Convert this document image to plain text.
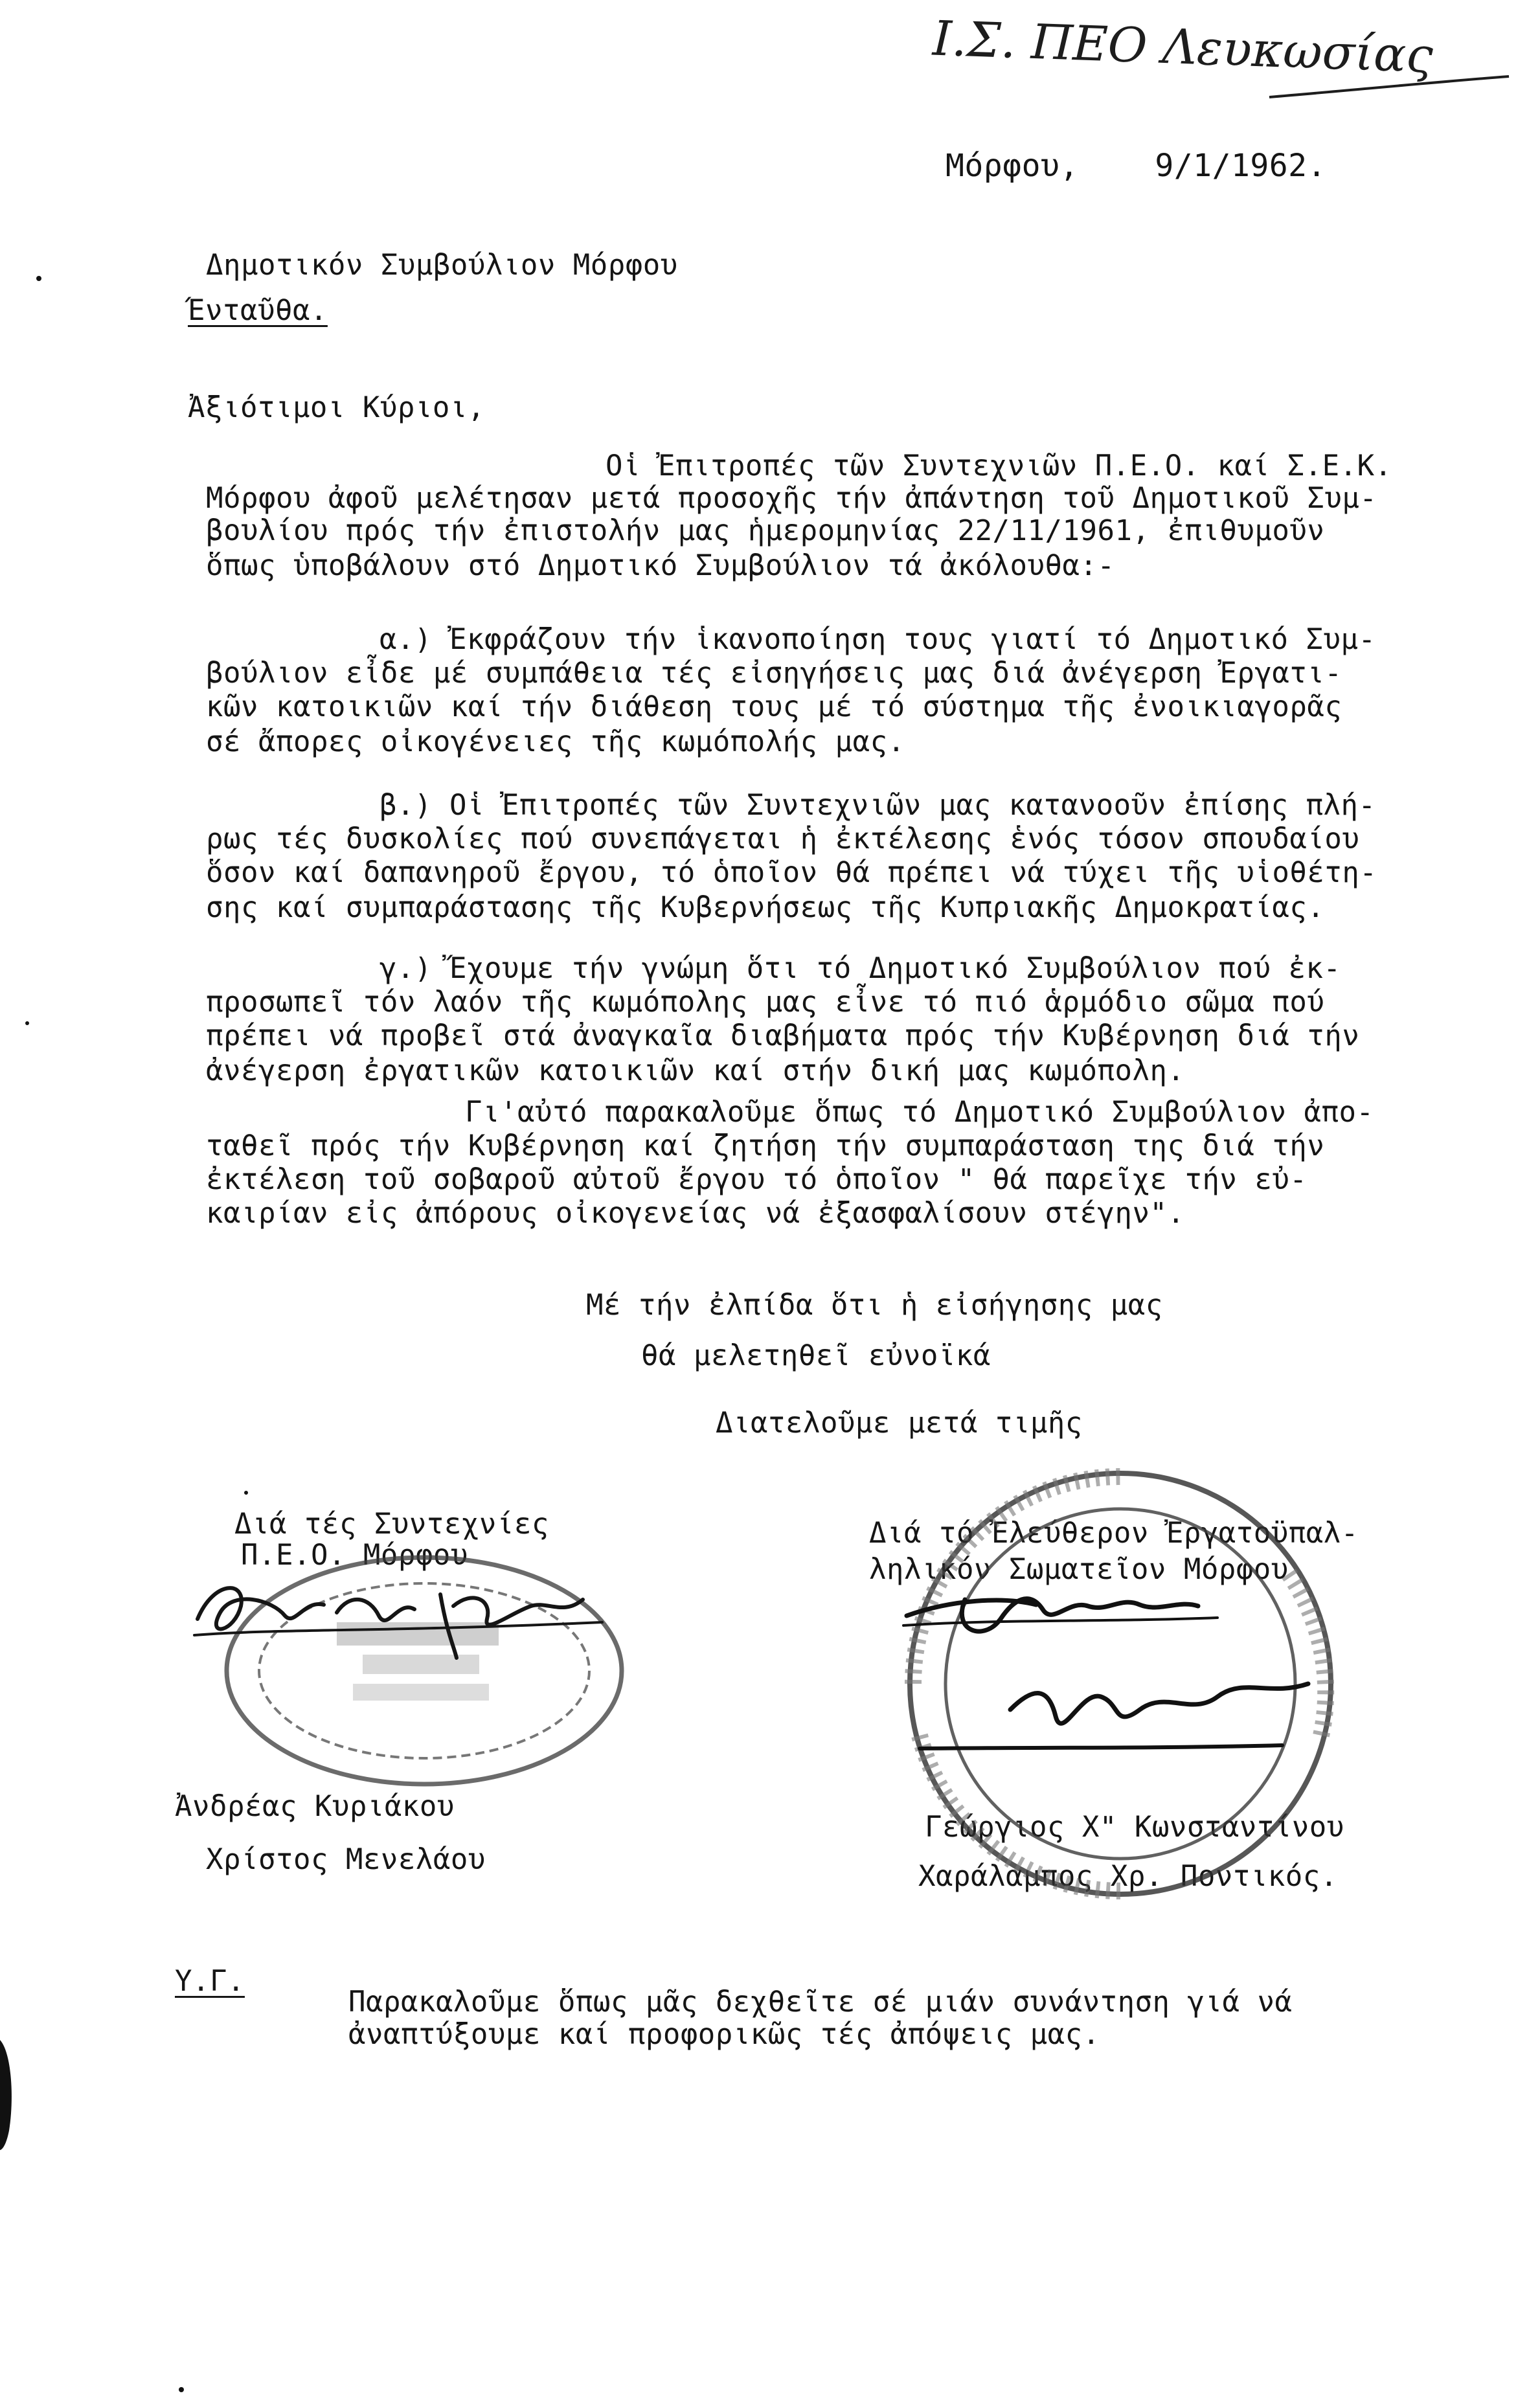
Ι.Σ. ΠΕΟ Λευκωσίας
Μόρφου,    9/1/1962.
Δημοτικόν Συμβούλιον Μόρφου
Ένταῦθα.
Ἀξιότιμοι Κύριοι,
Οἱ Ἐπιτροπές τῶν Συντεχνιῶν Π.Ε.Ο. καί Σ.Ε.Κ.
Μόρφου ἀφοῦ μελέτησαν μετά προσοχῆς τήν ἀπάντηση τοῦ Δημοτικοῦ Συμ-
βουλίου πρός τήν ἐπιστολήν μας ἡμερομηνίας 22/11/1961, ἐπιθυμοῦν
ὅπως ὑποβάλουν στό Δημοτικό Συμβούλιον τά ἀκόλουθα:-
α.) Ἐκφράζουν τήν ἱκανοποίηση τους γιατί τό Δημοτικό Συμ-
βούλιον εἶδε μέ συμπάθεια τές εἰσηγήσεις μας διά ἀνέγερση Ἐργατι-
κῶν κατοικιῶν καί τήν διάθεση τους μέ τό σύστημα τῆς ἐνοικιαγορᾶς
σέ ἄπορες οἰκογένειες τῆς κωμόπολής μας.
β.) Οἱ Ἐπιτροπές τῶν Συντεχνιῶν μας κατανοοῦν ἐπίσης πλή-
ρως τές δυσκολίες πού συνεπάγεται ἡ ἐκτέλεσης ἑνός τόσον σπουδαίου
ὅσον καί δαπανηροῦ ἔργου, τό ὁποῖον θά πρέπει νά τύχει τῆς υἱοθέτη-
σης καί συμπαράστασης τῆς Κυβερνήσεως τῆς Κυπριακῆς Δημοκρατίας.
γ.) Ἔχουμε τήν γνώμη ὅτι τό Δημοτικό Συμβούλιον πού ἐκ-
προσωπεῖ τόν λαόν τῆς κωμόπολης μας εἶνε τό πιό ἁρμόδιο σῶμα πού
πρέπει νά προβεῖ στά ἀναγκαῖα διαβήματα πρός τήν Κυβέρνηση διά τήν
ἀνέγερση ἐργατικῶν κατοικιῶν καί στήν δική μας κωμόπολη.
Γι'αὐτό παρακαλοῦμε ὅπως τό Δημοτικό Συμβούλιον ἀπο-
ταθεῖ πρός τήν Κυβέρνηση καί ζητήση τήν συμπαράσταση της διά τήν
ἐκτέλεση τοῦ σοβαροῦ αὐτοῦ ἔργου τό ὁποῖον " θά παρεῖχε τήν εὐ-
καιρίαν εἰς ἀπόρους οἰκογενείας νά ἐξασφαλίσουν στέγην".
Μέ τήν ἐλπίδα ὅτι ἡ εἰσήγησης μας
θά μελετηθεῖ εὐνοϊκά
Διατελοῦμε μετά τιμῆς
Διά τές Συντεχνίες
Π.Ε.Ο. Μόρφου
Ἀνδρέας Κυριάκου
Χρίστος Μενελάου
Διά τό Ἐλεύθερον Ἐργατοϋπαλ-
ληλικόν Σωματεῖον Μόρφου
Γεώργιος Χ" Κωνσταντίνου
Χαράλαμπος Χρ. Ποντικός.
Υ.Γ.
Παρακαλοῦμε ὅπως μᾶς δεχθεῖτε σέ μιάν συνάντηση γιά νά
ἀναπτύξουμε καί προφορικῶς τές ἀπόψεις μας.
